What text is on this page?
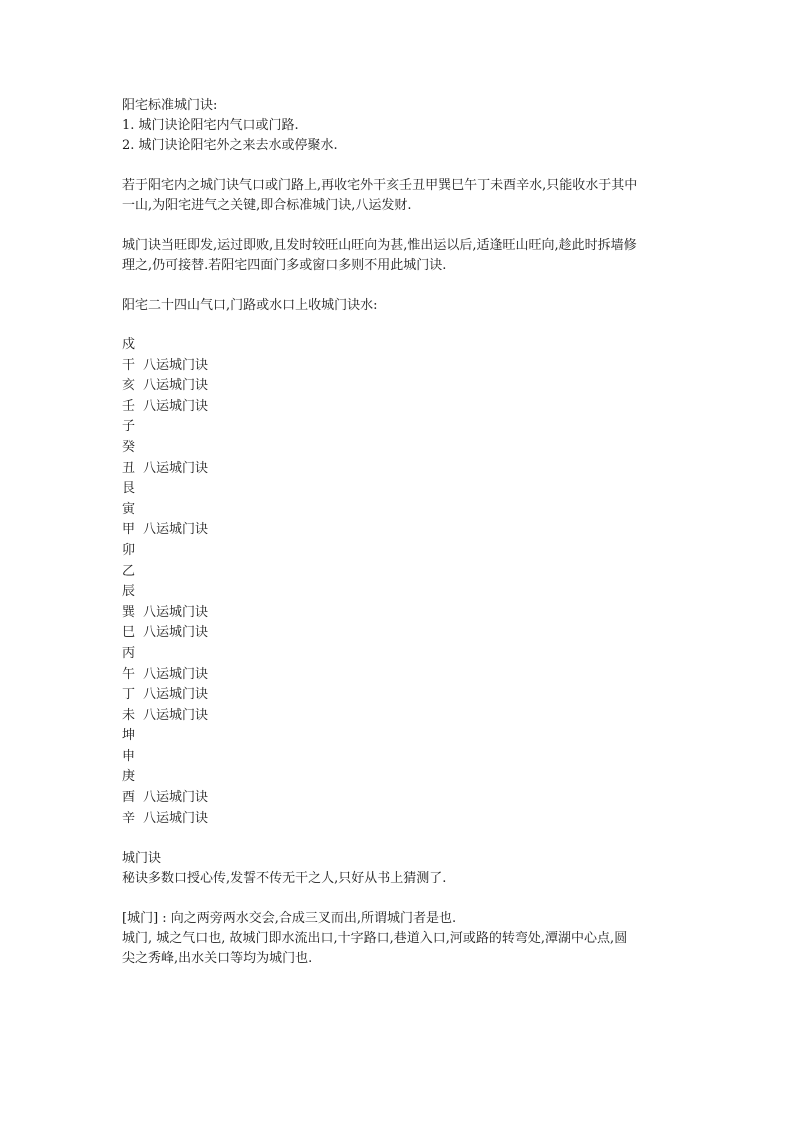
阳宅标准城门诀:
1. 城门诀论阳宅内气口或门路.
2. 城门诀论阳宅外之来去水或停聚水.
若于阳宅内之城门诀气口或门路上,再收宅外干亥壬丑甲巽巳午丁未酉辛水,只能收水于其中
一山,为阳宅进气之关键,即合标准城门诀,八运发财.
城门诀当旺即发,运过即败,且发时较旺山旺向为甚,惟出运以后,适逢旺山旺向,趁此时拆墙修
理之,仍可接替.若阳宅四面门多或窗口多则不用此城门诀.
阳宅二十四山气口,门路或水口上收城门诀水:
戍
干 八运城门诀
亥 八运城门诀
壬 八运城门诀
子
癸
丑 八运城门诀
艮
寅
甲 八运城门诀
卯
乙
辰
巽 八运城门诀
巳 八运城门诀
丙
午 八运城门诀
丁 八运城门诀
未 八运城门诀
坤
申
庚
酉 八运城门诀
辛 八运城门诀
城门诀
秘诀多数口授心传,发誓不传无干之人,只好从书上猜测了.
[城门] : 向之两旁两水交会,合成三叉而出,所谓城门者是也.
城门, 城之气口也, 故城门即水流出口,十字路口,巷道入口,河或路的转弯处,潭湖中心点,圆
尖之秀峰,出水关口等均为城门也.
